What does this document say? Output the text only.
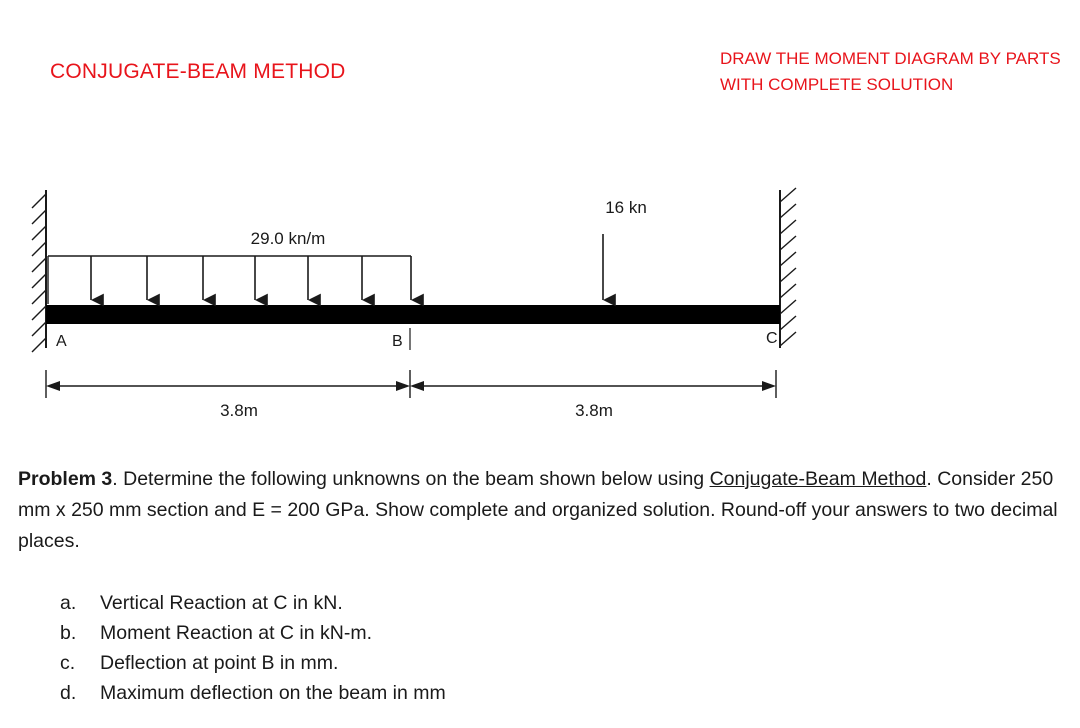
CONJUGATE-BEAM METHOD
DRAW THE MOMENT DIAGRAM BY PARTS
WITH COMPLETE SOLUTION
29.0 kn/m
16 kn
A	B	C
3.8m	3.8m
Problem 3. Determine the following unknowns on the beam shown below using Conjugate-Beam Method. Consider 250 mm x 250 mm section and E = 200 GPa. Show complete and organized solution. Round-off your answers to two decimal places.
a. Vertical Reaction at C in kN.
b. Moment Reaction at C in kN-m.
c. Deflection at point B in mm.
d. Maximum deflection on the beam in mm
